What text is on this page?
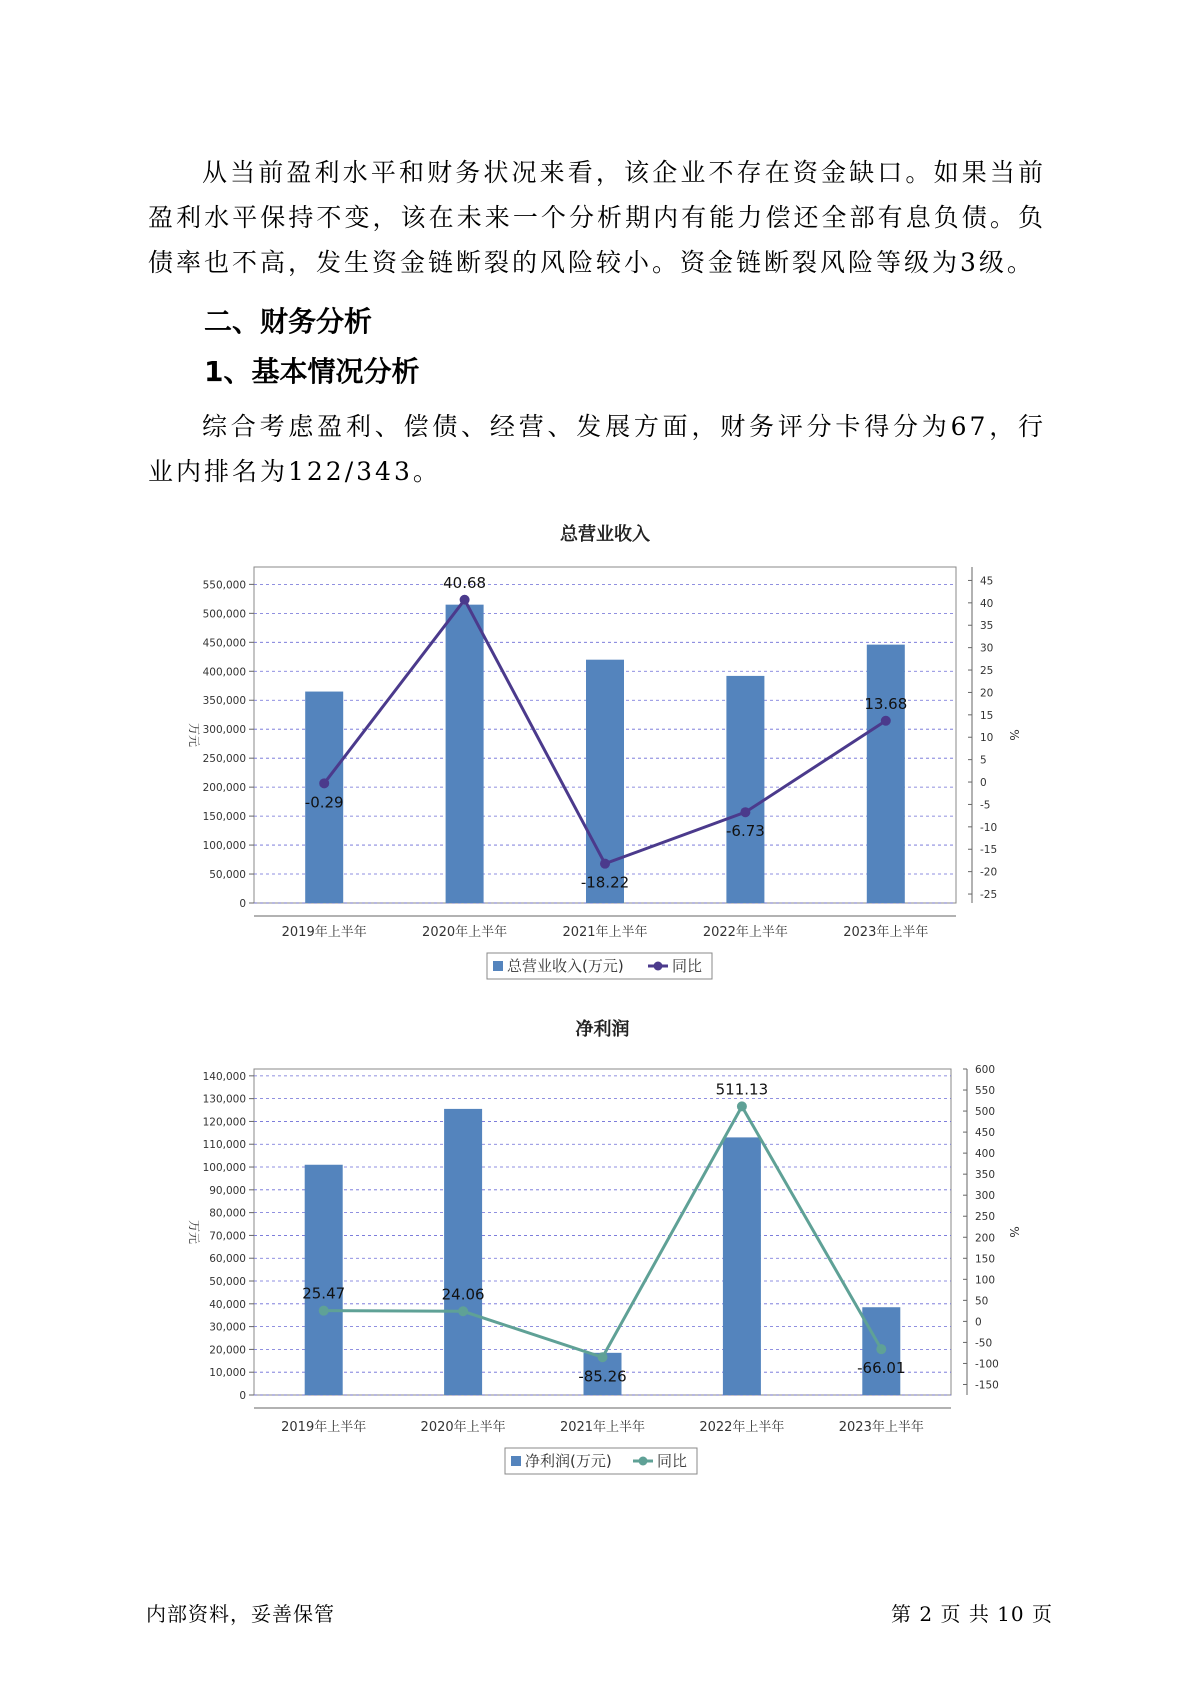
从当前盈利水平和财务状况来看，该企业不存在资金缺口。如果当前盈利水平保持不变，该在未来一个分析期内有能力偿还全部有息负债。负债率也不高，发生资金链断裂的风险较小。资金链断裂风险等级为3级。

二、财务分析
1、基本情况分析

综合考虑盈利、偿债、经营、发展方面，财务评分卡得分为67，行业内排名为122/343。

总营业收入
0
50,000
100,000
150,000
200,000
250,000
300,000
350,000
400,000
450,000
500,000
550,000
-25
-20
-15
-10
-5
0
5
10
15
20
25
30
35
40
45
万元	%
2019年上半年	2020年上半年	2021年上半年	2022年上半年	2023年上半年
-0.29
40.68
-18.22
-6.73
13.68
总营业收入(万元)	同比
净利润
0
10,000
20,000
30,000
40,000
50,000
60,000
70,000
80,000
90,000
100,000
110,000
120,000
130,000
140,000
-150
-100
-50
0
50
100
150
200
250
300
350
400
450
500
550
600
万元	%
2019年上半年	2020年上半年	2021年上半年	2022年上半年	2023年上半年
25.47	24.06
-85.26
511.13
-66.01
净利润(万元)	同比
内部资料，妥善保管	第 2 页 共 10 页
